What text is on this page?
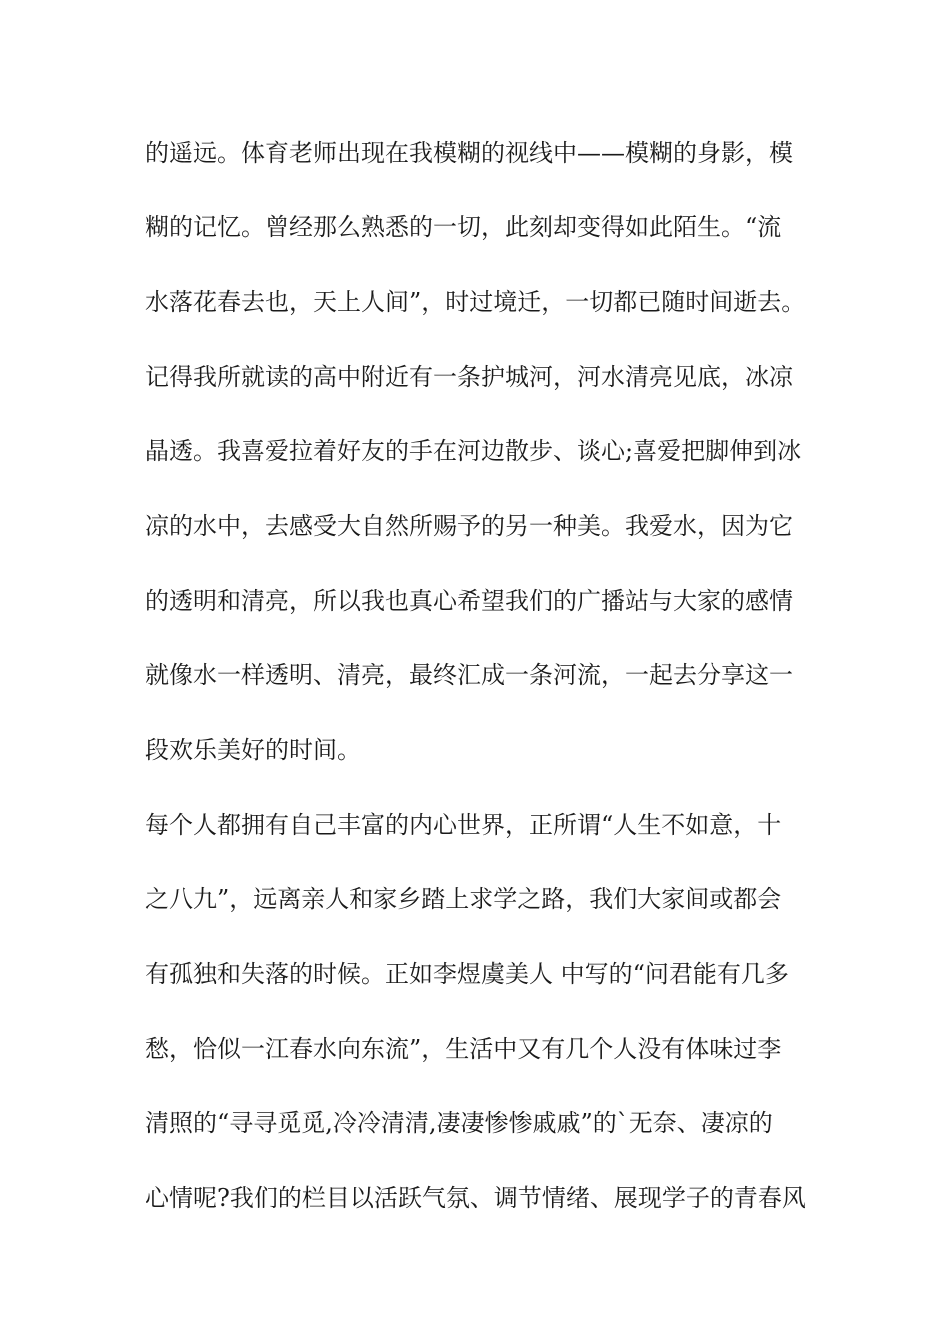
的遥远。体育老师出现在我模糊的视线中——模糊的身影，模
糊的记忆。曾经那么熟悉的一切，此刻却变得如此陌生。“流
水落花春去也，天上人间”，时过境迁，一切都已随时间逝去。
记得我所就读的高中附近有一条护城河，河水清亮见底，冰凉
晶透。我喜爱拉着好友的手在河边散步、谈心;喜爱把脚伸到冰
凉的水中，去感受大自然所赐予的另一种美。我爱水，因为它
的透明和清亮，所以我也真心希望我们的广播站与大家的感情
就像水一样透明、清亮，最终汇成一条河流，一起去分享这一
段欢乐美好的时间。
每个人都拥有自己丰富的内心世界，正所谓“人生不如意，十
之八九”，远离亲人和家乡踏上求学之路，我们大家间或都会
有孤独和失落的时候。正如李煜虞美人 中写的“问君能有几多
愁，恰似一江春水向东流”，生活中又有几个人没有体味过李
清照的“寻寻觅觅,冷冷清清,凄凄惨惨戚戚”的`无奈、凄凉的
心情呢?我们的栏目以活跃气氛、调节情绪、展现学子的青春风
